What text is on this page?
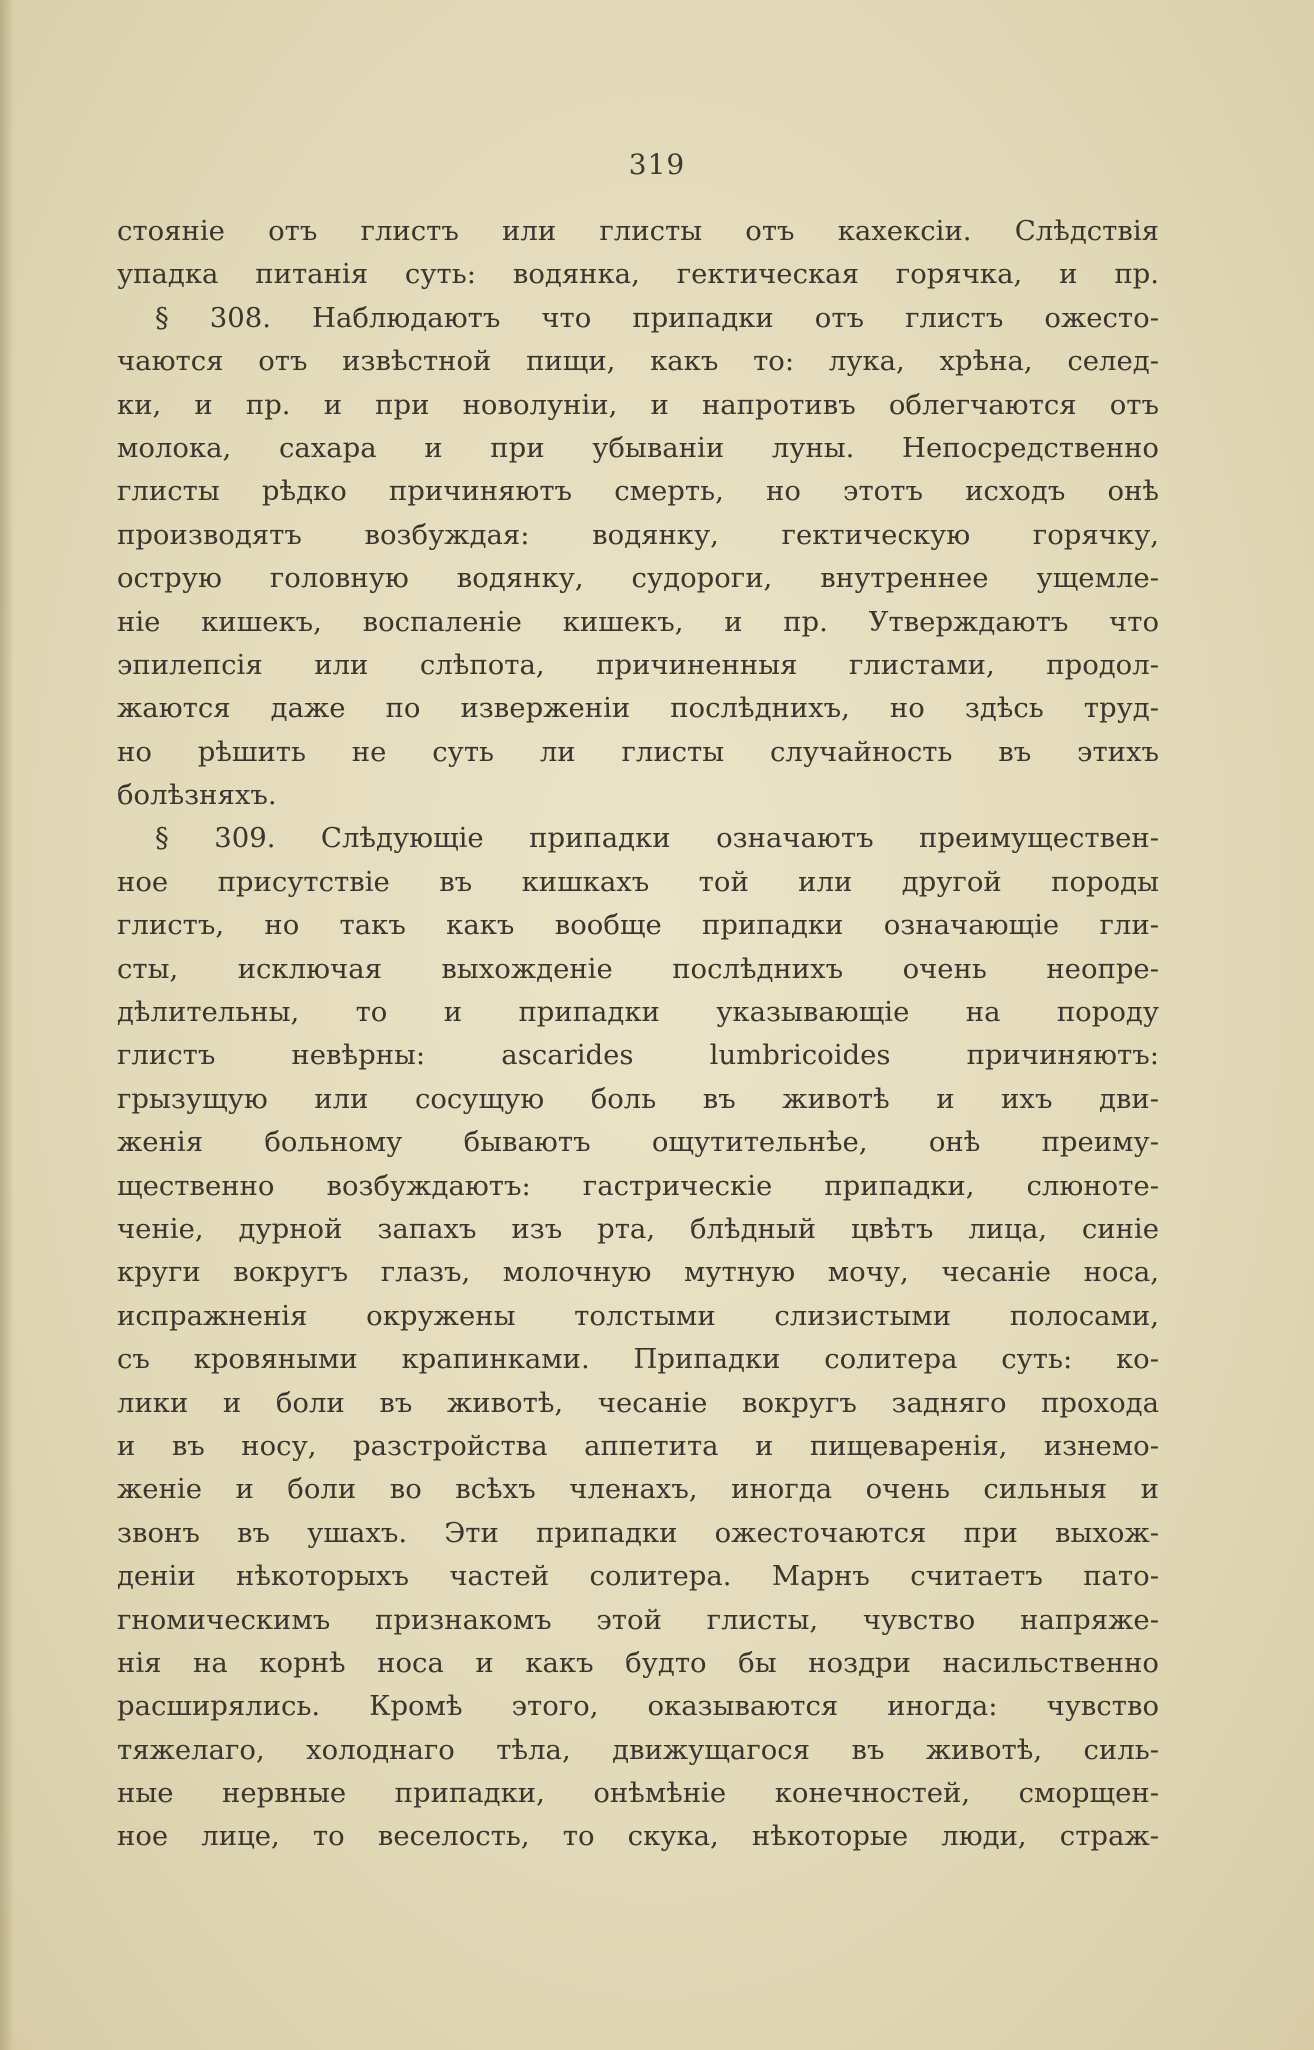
319
стоянie отъ глистъ или глисты отъ кахексiи. Слѣдствiя
упадка питанiя суть: водянка, гектическая горячка, и пр.
§ 308. Наблюдаютъ что припадки отъ глистъ ожесто-
чаются отъ извѣстной пищи, какъ то: лука, хрѣна, селед-
ки, и пр. и при новолунiи, и напротивъ облегчаются отъ
молока, сахара и при убыванiи луны. Непосредственно
глисты рѣдко причиняютъ смерть, но этотъ исходъ онѣ
производятъ возбуждая: водянку, гектическую горячку,
острую головную водянку, судороги, внутреннее ущемле-
нiе кишекъ, воспаленiе кишекъ, и пр. Утверждаютъ что
эпилепсiя или слѣпота, причиненныя глистами, продол-
жаются даже по изверженiи послѣднихъ, но здѣсь труд-
но рѣшить не суть ли глисты случайность въ этихъ
болѣзняхъ.
§ 309. Слѣдующiе припадки означаютъ преимуществен-
ное присутствiе въ кишкахъ той или другой породы
глистъ, но такъ какъ вообще припадки означающiе гли-
сты, исключая выхожденiе послѣднихъ очень неопре-
дѣлительны, то и припадки указывающiе на породу
глистъ невѣрны: ascarides lumbricoides причиняютъ:
грызущую или сосущую боль въ животѣ и ихъ дви-
женiя больному бываютъ ощутительнѣе, онѣ преиму-
щественно возбуждаютъ: гастрическiе припадки, слюноте-
ченiе, дурной запахъ изъ рта, блѣдный цвѣтъ лица, синiе
круги вокругъ глазъ, молочную мутную мочу, чесанiе носа,
испражненiя окружены толстыми слизистыми полосами,
съ кровяными крапинками. Припадки солитера суть: ко-
лики и боли въ животѣ, чесанiе вокругъ задняго прохода
и въ носу, разстройства аппетита и пищеваренiя, изнемо-
женiе и боли во всѣхъ членахъ, иногда очень сильныя и
звонъ въ ушахъ. Эти припадки ожесточаются при выхож-
денiи нѣкоторыхъ частей солитера. Марнъ считаетъ пато-
гномическимъ признакомъ этой глисты, чувство напряже-
нiя на корнѣ носа и какъ будто бы ноздри насильственно
расширялись. Кромѣ этого, оказываются иногда: чувство
тяжелаго, холоднаго тѣла, движущагося въ животѣ, силь-
ные нервные припадки, онѣмѣнiе конечностей, сморщен-
ное лице, то веселость, то скука, нѣкоторые люди, страж-
